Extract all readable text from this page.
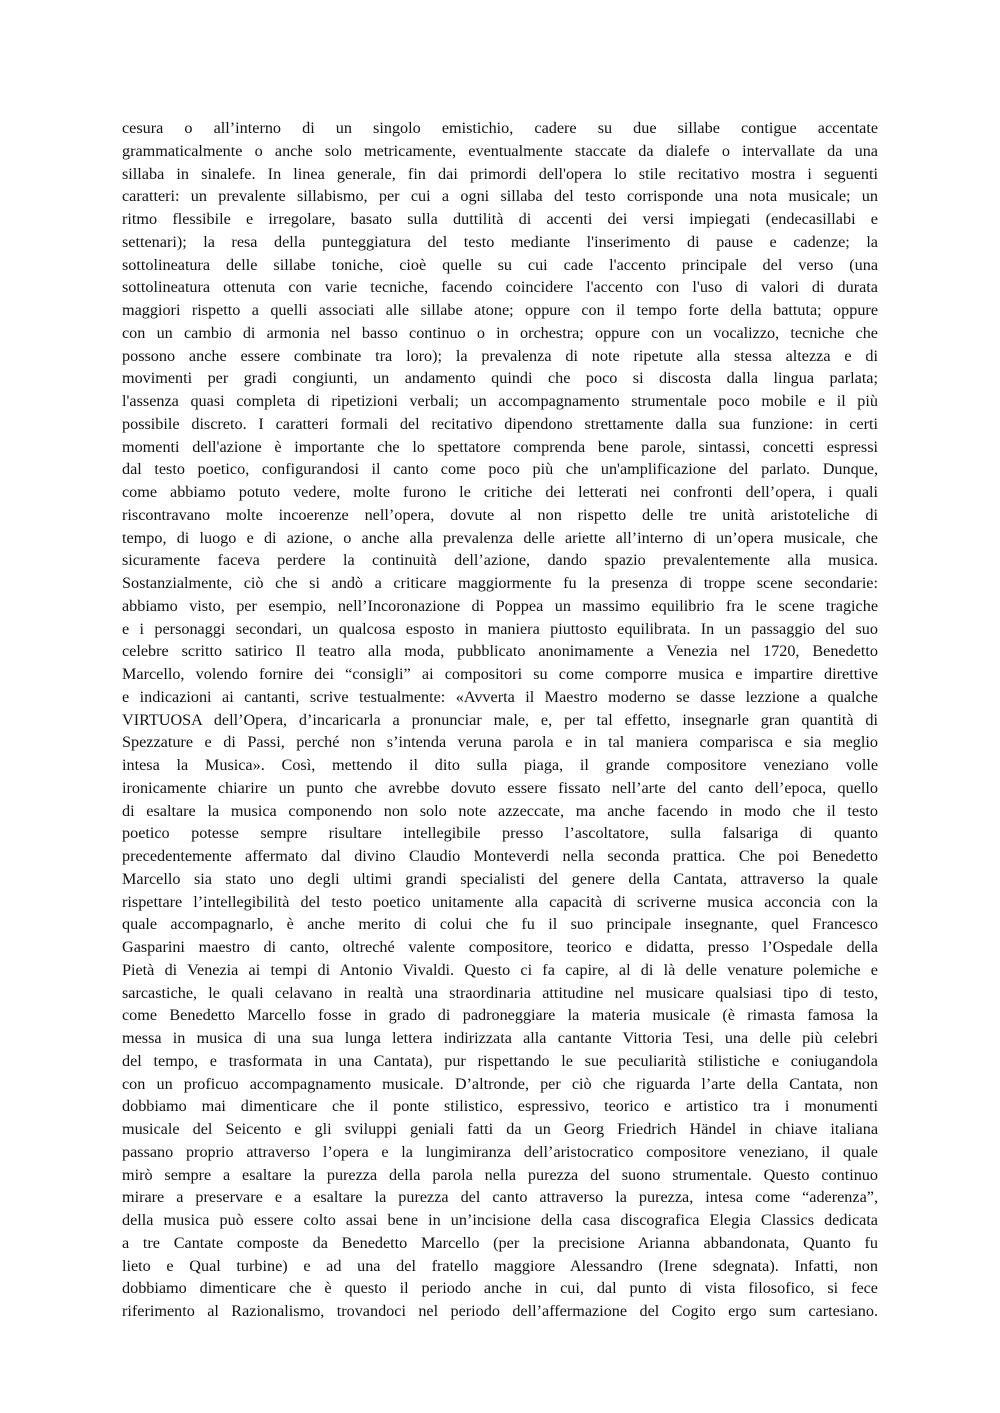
cesura o all’interno di un singolo emistichio, cadere su due sillabe contigue accentate
grammaticalmente o anche solo metricamente, eventualmente staccate da dialefe o intervallate da una
sillaba in sinalefe. In linea generale, fin dai primordi dell'opera lo stile recitativo mostra i seguenti
caratteri: un prevalente sillabismo, per cui a ogni sillaba del testo corrisponde una nota musicale; un
ritmo flessibile e irregolare, basato sulla duttilità di accenti dei versi impiegati (endecasillabi e
settenari); la resa della punteggiatura del testo mediante l'inserimento di pause e cadenze; la
sottolineatura delle sillabe toniche, cioè quelle su cui cade l'accento principale del verso (una
sottolineatura ottenuta con varie tecniche, facendo coincidere l'accento con l'uso di valori di durata
maggiori rispetto a quelli associati alle sillabe atone; oppure con il tempo forte della battuta; oppure
con un cambio di armonia nel basso continuo o in orchestra; oppure con un vocalizzo, tecniche che
possono anche essere combinate tra loro); la prevalenza di note ripetute alla stessa altezza e di
movimenti per gradi congiunti, un andamento quindi che poco si discosta dalla lingua parlata;
l'assenza quasi completa di ripetizioni verbali; un accompagnamento strumentale poco mobile e il più
possibile discreto. I caratteri formali del recitativo dipendono strettamente dalla sua funzione: in certi
momenti dell'azione è importante che lo spettatore comprenda bene parole, sintassi, concetti espressi
dal testo poetico, configurandosi il canto come poco più che un'amplificazione del parlato. Dunque,
come abbiamo potuto vedere, molte furono le critiche dei letterati nei confronti dell’opera, i quali
riscontravano molte incoerenze nell’opera, dovute al non rispetto delle tre unità aristoteliche di
tempo, di luogo e di azione, o anche alla prevalenza delle ariette all’interno di un’opera musicale, che
sicuramente faceva perdere la continuità dell’azione, dando spazio prevalentemente alla musica.
Sostanzialmente, ciò che si andò a criticare maggiormente fu la presenza di troppe scene secondarie:
abbiamo visto, per esempio, nell’Incoronazione di Poppea un massimo equilibrio fra le scene tragiche
e i personaggi secondari, un qualcosa esposto in maniera piuttosto equilibrata. In un passaggio del suo
celebre scritto satirico Il teatro alla moda, pubblicato anonimamente a Venezia nel 1720, Benedetto
Marcello, volendo fornire dei “consigli” ai compositori su come comporre musica e impartire direttive
e indicazioni ai cantanti, scrive testualmente: «Avverta il Maestro moderno se dasse lezzione a qualche
VIRTUOSA dell’Opera, d’incaricarla a pronunciar male, e, per tal effetto, insegnarle gran quantità di
Spezzature e di Passi, perché non s’intenda veruna parola e in tal maniera comparisca e sia meglio
intesa la Musica». Così, mettendo il dito sulla piaga, il grande compositore veneziano volle
ironicamente chiarire un punto che avrebbe dovuto essere fissato nell’arte del canto dell’epoca, quello
di esaltare la musica componendo non solo note azzeccate, ma anche facendo in modo che il testo
poetico potesse sempre risultare intellegibile presso l’ascoltatore, sulla falsariga di quanto
precedentemente affermato dal divino Claudio Monteverdi nella seconda prattica. Che poi Benedetto
Marcello sia stato uno degli ultimi grandi specialisti del genere della Cantata, attraverso la quale
rispettare l’intellegibilità del testo poetico unitamente alla capacità di scriverne musica acconcia con la
quale accompagnarlo, è anche merito di colui che fu il suo principale insegnante, quel Francesco
Gasparini maestro di canto, oltreché valente compositore, teorico e didatta, presso l’Ospedale della
Pietà di Venezia ai tempi di Antonio Vivaldi. Questo ci fa capire, al di là delle venature polemiche e
sarcastiche, le quali celavano in realtà una straordinaria attitudine nel musicare qualsiasi tipo di testo,
come Benedetto Marcello fosse in grado di padroneggiare la materia musicale (è rimasta famosa la
messa in musica di una sua lunga lettera indirizzata alla cantante Vittoria Tesi, una delle più celebri
del tempo, e trasformata in una Cantata), pur rispettando le sue peculiarità stilistiche e coniugandola
con un proficuo accompagnamento musicale. D’altronde, per ciò che riguarda l’arte della Cantata, non
dobbiamo mai dimenticare che il ponte stilistico, espressivo, teorico e artistico tra i monumenti
musicale del Seicento e gli sviluppi geniali fatti da un Georg Friedrich Händel in chiave italiana
passano proprio attraverso l’opera e la lungimiranza dell’aristocratico compositore veneziano, il quale
mirò sempre a esaltare la purezza della parola nella purezza del suono strumentale. Questo continuo
mirare a preservare e a esaltare la purezza del canto attraverso la purezza, intesa come “aderenza”,
della musica può essere colto assai bene in un’incisione della casa discografica Elegia Classics dedicata
a tre Cantate composte da Benedetto Marcello (per la precisione Arianna abbandonata, Quanto fu
lieto e Qual turbine) e ad una del fratello maggiore Alessandro (Irene sdegnata). Infatti, non
dobbiamo dimenticare che è questo il periodo anche in cui, dal punto di vista filosofico, si fece
riferimento al Razionalismo, trovandoci nel periodo dell’affermazione del Cogito ergo sum cartesiano.
